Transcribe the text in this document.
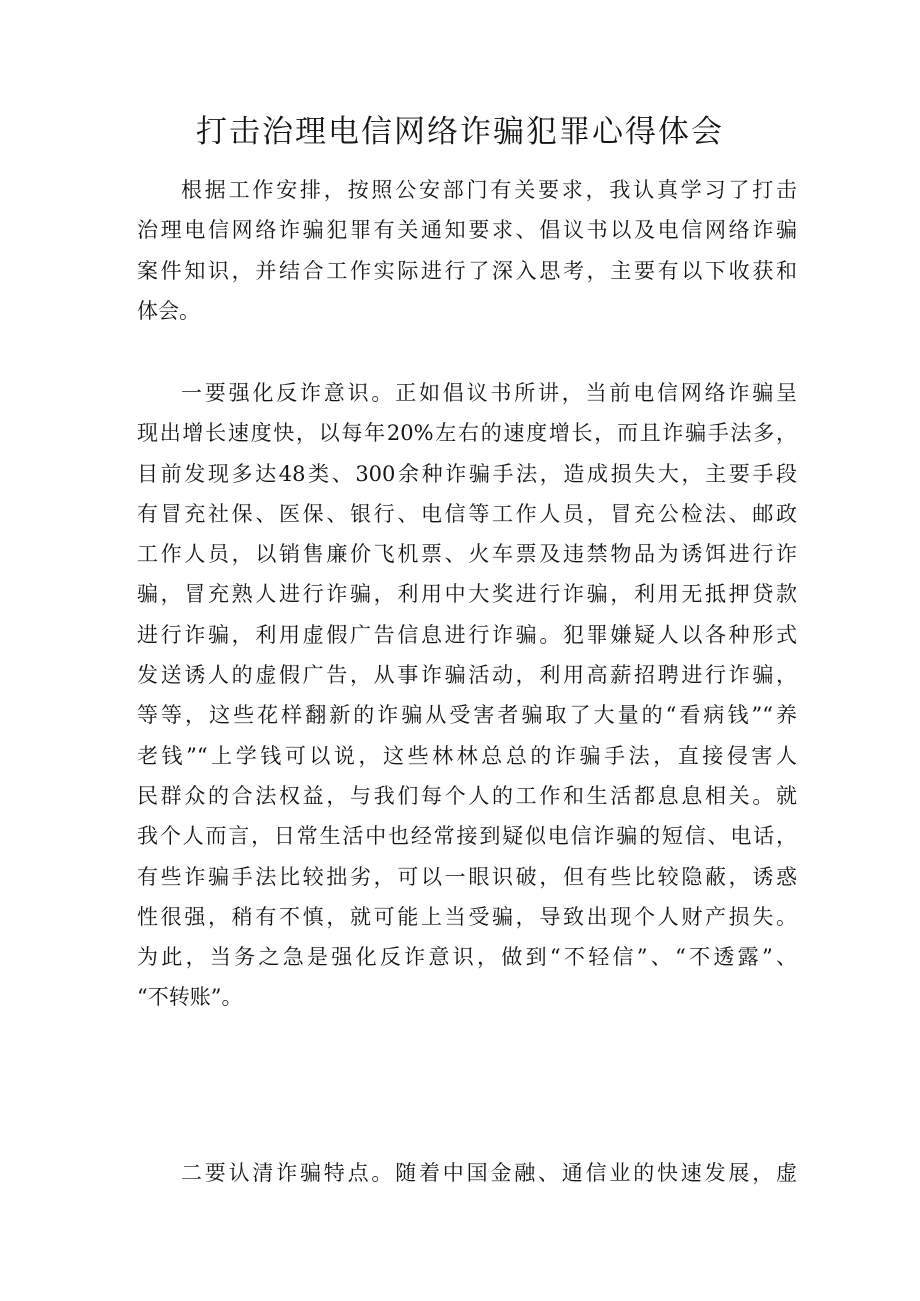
打击治理电信网络诈骗犯罪心得体会
根据工作安排，按照公安部门有关要求，我认真学习了打击
治理电信网络诈骗犯罪有关通知要求、倡议书以及电信网络诈骗
案件知识，并结合工作实际进行了深入思考，主要有以下收获和
体会。
一要强化反诈意识。正如倡议书所讲，当前电信网络诈骗呈
现出增长速度快，以每年20%左右的速度增长，而且诈骗手法多，
目前发现多达48类、300余种诈骗手法，造成损失大，主要手段
有冒充社保、医保、银行、电信等工作人员，冒充公检法、邮政
工作人员，以销售廉价飞机票、火车票及违禁物品为诱饵进行诈
骗，冒充熟人进行诈骗，利用中大奖进行诈骗，利用无抵押贷款
进行诈骗，利用虚假广告信息进行诈骗。犯罪嫌疑人以各种形式
发送诱人的虚假广告，从事诈骗活动，利用高薪招聘进行诈骗，
等等，这些花样翻新的诈骗从受害者骗取了大量的“看病钱”“养
老钱”“上学钱可以说，这些林林总总的诈骗手法，直接侵害人
民群众的合法权益，与我们每个人的工作和生活都息息相关。就
我个人而言，日常生活中也经常接到疑似电信诈骗的短信、电话，
有些诈骗手法比较拙劣，可以一眼识破，但有些比较隐蔽，诱惑
性很强，稍有不慎，就可能上当受骗，导致出现个人财产损失。
为此，当务之急是强化反诈意识，做到“不轻信”、“不透露”、
“不转账”。
二要认清诈骗特点。随着中国金融、通信业的快速发展，虚
